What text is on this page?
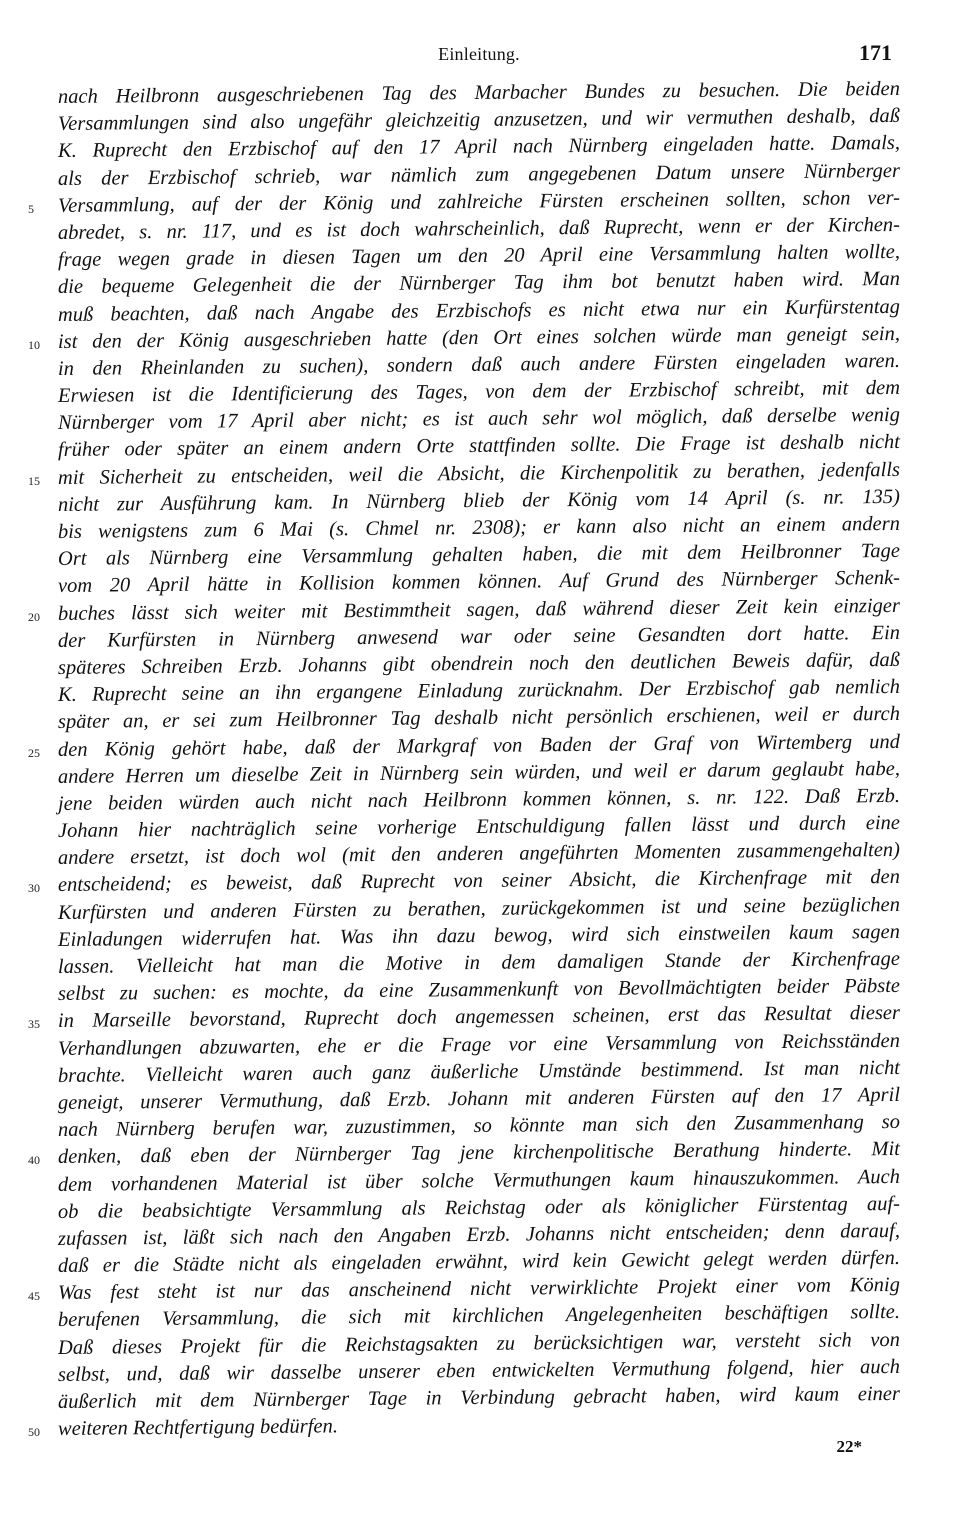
Einleitung.	171
nach Heilbronn ausgeschriebenen Tag des Marbacher Bundes zu besuchen. Die beiden
Versammlungen sind also ungefähr gleichzeitig anzusetzen, und wir vermuthen deshalb, daß
K. Ruprecht den Erzbischof auf den 17 April nach Nürnberg eingeladen hatte. Damals,
als der Erzbischof schrieb, war nämlich zum angegebenen Datum unsere Nürnberger
5	Versammlung, auf der der König und zahlreiche Fürsten erscheinen sollten, schon ver-
abredet, s. nr. 117, und es ist doch wahrscheinlich, daß Ruprecht, wenn er der Kirchen-
frage wegen grade in diesen Tagen um den 20 April eine Versammlung halten wollte,
die bequeme Gelegenheit die der Nürnberger Tag ihm bot benutzt haben wird. Man
muß beachten, daß nach Angabe des Erzbischofs es nicht etwa nur ein Kurfürstentag
10 ist den der König ausgeschrieben hatte (den Ort eines solchen würde man geneigt sein,
in den Rheinlanden zu suchen), sondern daß auch andere Fürsten eingeladen waren.
Erwiesen ist die Identificierung des Tages, von dem der Erzbischof schreibt, mit dem
Nürnberger vom 17 April aber nicht; es ist auch sehr wol möglich, daß derselbe wenig
früher oder später an einem andern Orte stattfinden sollte. Die Frage ist deshalb nicht
15 mit Sicherheit zu entscheiden, weil die Absicht, die Kirchenpolitik zu berathen, jedenfalls
nicht zur Ausführung kam. In Nürnberg blieb der König vom 14 April (s. nr. 135)
bis wenigstens zum 6 Mai (s. Chmel nr. 2308); er kann also nicht an einem andern
Ort als Nürnberg eine Versammlung gehalten haben, die mit dem Heilbronner Tage
vom 20 April hätte in Kollision kommen können. Auf Grund des Nürnberger Schenk-
20 buches lässt sich weiter mit Bestimmtheit sagen, daß während dieser Zeit kein einziger
der Kurfürsten in Nürnberg anwesend war oder seine Gesandten dort hatte. Ein
späteres Schreiben Erzb. Johanns gibt obendrein noch den deutlichen Beweis dafür, daß
K. Ruprecht seine an ihn ergangene Einladung zurücknahm. Der Erzbischof gab nemlich
später an, er sei zum Heilbronner Tag deshalb nicht persönlich erschienen, weil er durch
25 den König gehört habe, daß der Markgraf von Baden der Graf von Wirtemberg und
andere Herren um dieselbe Zeit in Nürnberg sein würden, und weil er darum geglaubt habe,
jene beiden würden auch nicht nach Heilbronn kommen können, s. nr. 122. Daß Erzb.
Johann hier nachträglich seine vorherige Entschuldigung fallen lässt und durch eine
andere ersetzt, ist doch wol (mit den anderen angeführten Momenten zusammengehalten)
30 entscheidend; es beweist, daß Ruprecht von seiner Absicht, die Kirchenfrage mit den
Kurfürsten und anderen Fürsten zu berathen, zurückgekommen ist und seine bezüglichen
Einladungen widerrufen hat. Was ihn dazu bewog, wird sich einstweilen kaum sagen
lassen. Vielleicht hat man die Motive in dem damaligen Stande der Kirchenfrage
selbst zu suchen: es mochte, da eine Zusammenkunft von Bevollmächtigten beider Päbste
35 in Marseille bevorstand, Ruprecht doch angemessen scheinen, erst das Resultat dieser
Verhandlungen abzuwarten, ehe er die Frage vor eine Versammlung von Reichsständen
brachte. Vielleicht waren auch ganz äußerliche Umstände bestimmend. Ist man nicht
geneigt, unserer Vermuthung, daß Erzb. Johann mit anderen Fürsten auf den 17 April
nach Nürnberg berufen war, zuzustimmen, so könnte man sich den Zusammenhang so
40 denken, daß eben der Nürnberger Tag jene kirchenpolitische Berathung hinderte. Mit
dem vorhandenen Material ist über solche Vermuthungen kaum hinauszukommen. Auch
ob die beabsichtigte Versammlung als Reichstag oder als königlicher Fürstentag auf-
zufassen ist, läßt sich nach den Angaben Erzb. Johanns nicht entscheiden; denn darauf,
daß er die Städte nicht als eingeladen erwähnt, wird kein Gewicht gelegt werden dürfen.
45 Was fest steht ist nur das anscheinend nicht verwirklichte Projekt einer vom König
berufenen Versammlung, die sich mit kirchlichen Angelegenheiten beschäftigen sollte.
Daß dieses Projekt für die Reichstagsakten zu berücksichtigen war, versteht sich von
selbst, und, daß wir dasselbe unserer eben entwickelten Vermuthung folgend, hier auch
äußerlich mit dem Nürnberger Tage in Verbindung gebracht haben, wird kaum einer
50 weiteren Rechtfertigung bedürfen.
22*
